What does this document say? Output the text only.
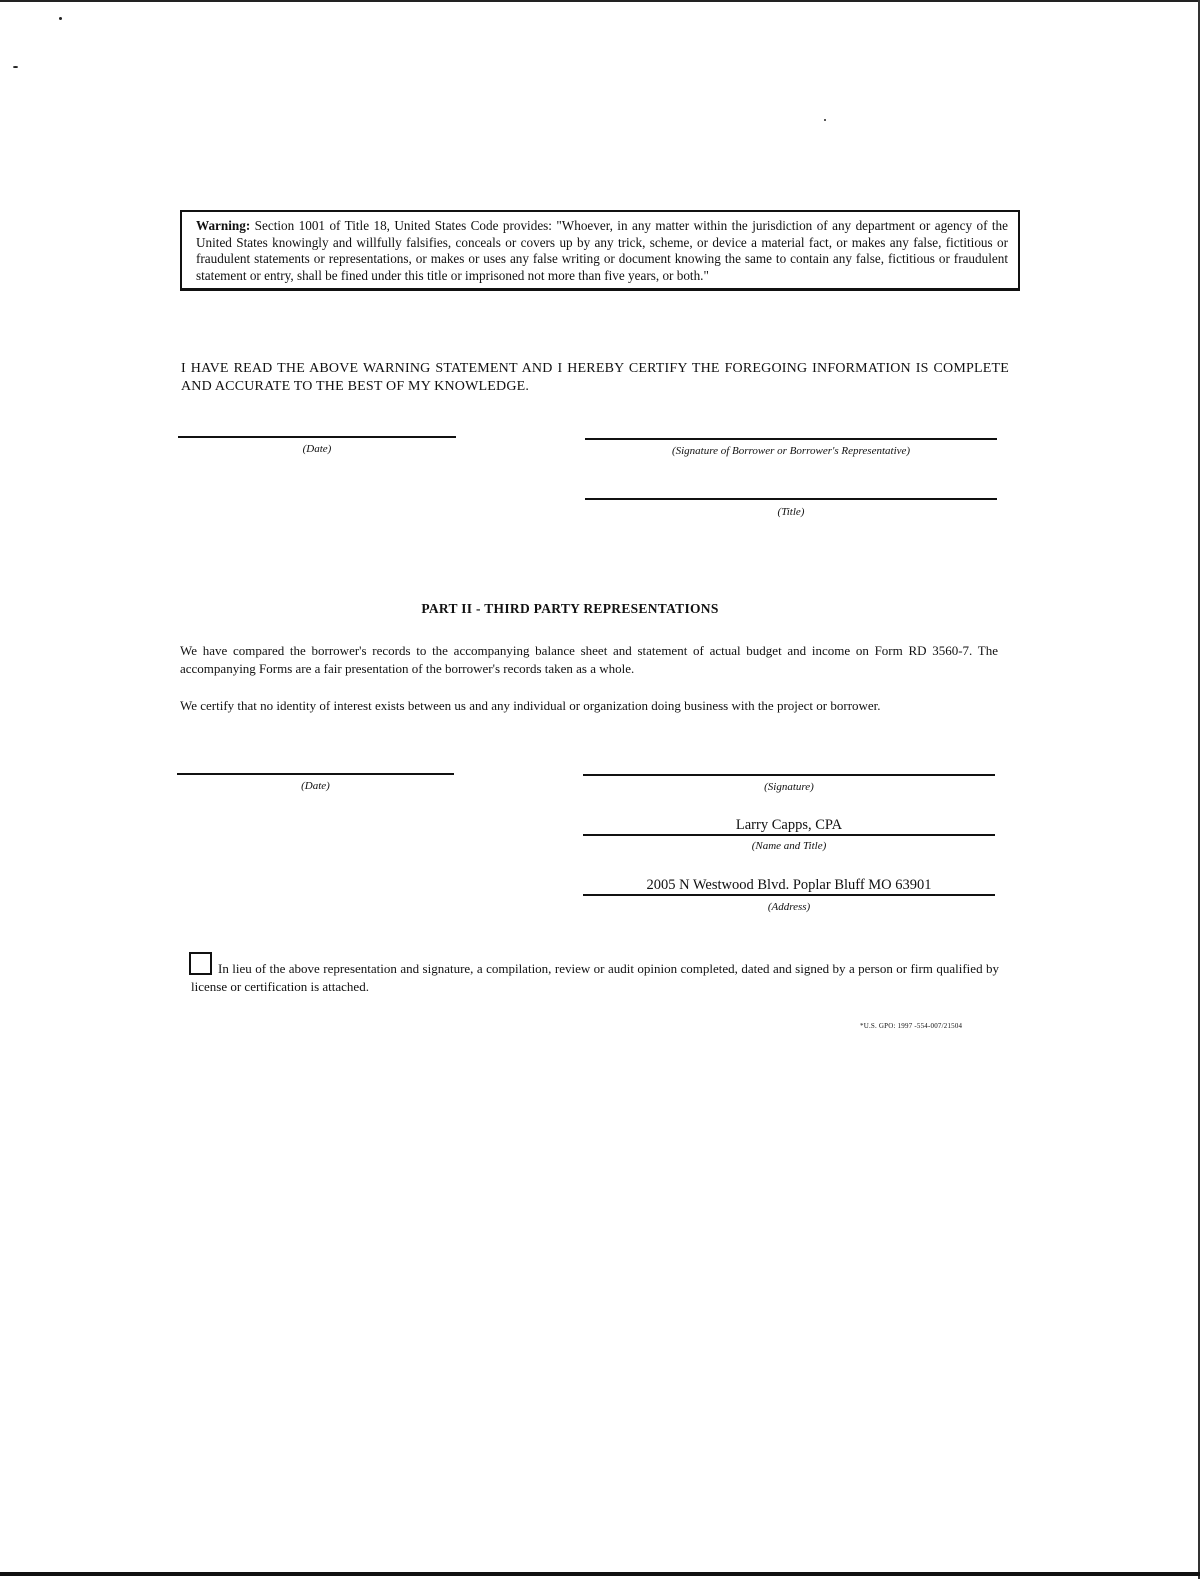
Warning: Section 1001 of Title 18, United States Code provides: "Whoever, in any matter within the jurisdiction of any department or agency of the United States knowingly and willfully falsifies, conceals or covers up by any trick, scheme, or device a material fact, or makes any false, fictitious or fraudulent statements or representations, or makes or uses any false writing or document knowing the same to contain any false, fictitious or fraudulent statement or entry, shall be fined under this title or imprisoned not more than five years, or both."
I HAVE READ THE ABOVE WARNING STATEMENT AND I HEREBY CERTIFY THE FOREGOING INFORMATION IS COMPLETE AND ACCURATE TO THE BEST OF MY KNOWLEDGE.
(Date)	(Signature of Borrower or Borrower's Representative)
(Title)
PART II - THIRD PARTY REPRESENTATIONS
We have compared the borrower's records to the accompanying balance sheet and statement of actual budget and income on Form RD 3560-7. The accompanying Forms are a fair presentation of the borrower's records taken as a whole.
We certify that no identity of interest exists between us and any individual or organization doing business with the project or borrower.
(Date)	(Signature)
Larry Capps, CPA
(Name and Title)
2005 N Westwood Blvd. Poplar Bluff MO 63901
(Address)
In lieu of the above representation and signature, a compilation, review or audit opinion completed, dated and signed by a person or firm qualified by license or certification is attached.
*U.S. GPO: 1997 -554-007/21504
